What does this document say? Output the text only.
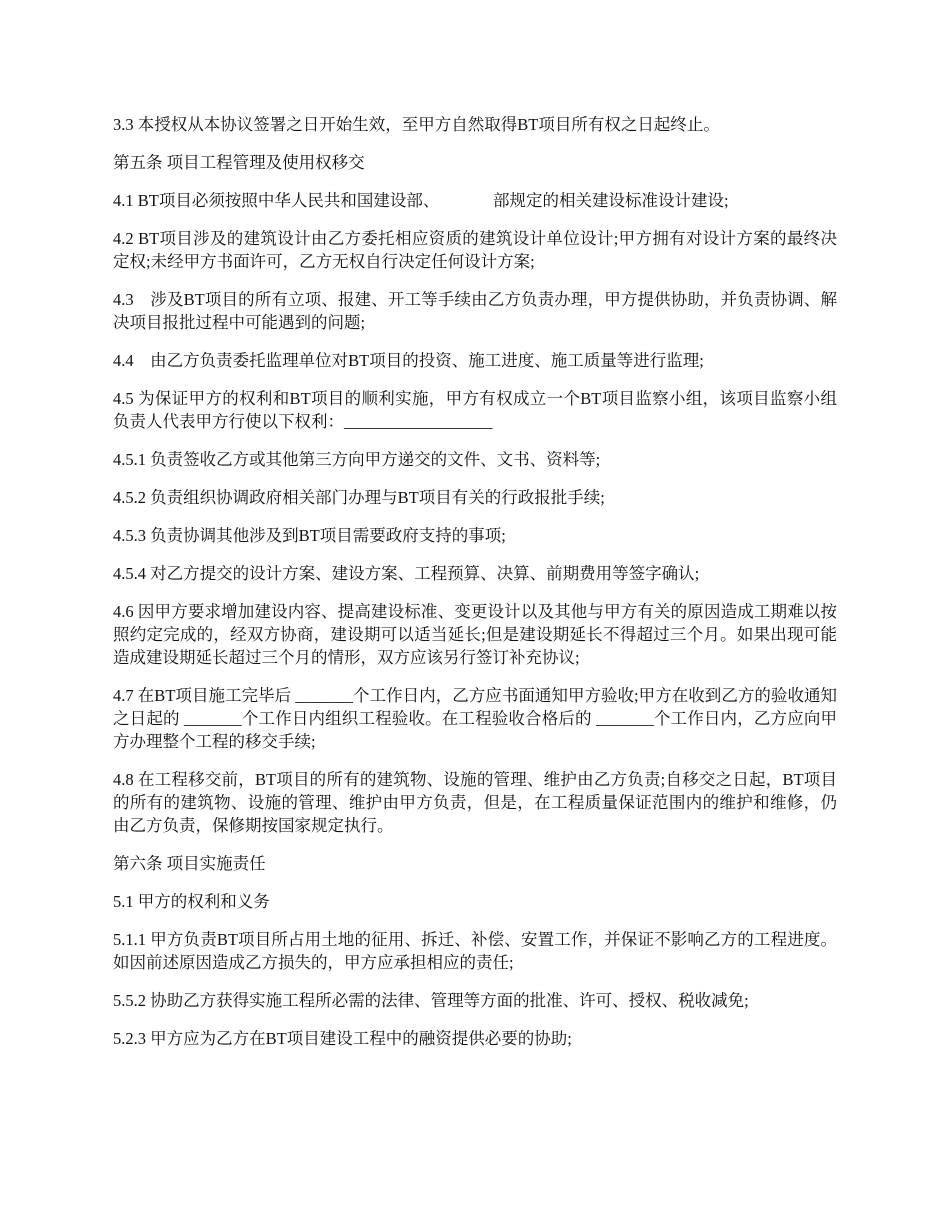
3.3 本授权从本协议签署之日开始生效，至甲方自然取得BT项目所有权之日起终止。

第五条 项目工程管理及使用权移交

4.1 BT项目必须按照中华人民共和国建设部、 　　　部规定的相关建设标准设计建设;

4.2 BT项目涉及的建筑设计由乙方委托相应资质的建筑设计单位设计;甲方拥有对设计方案的最终决定权;未经甲方书面许可，乙方无权自行决定任何设计方案;

4.3　涉及BT项目的所有立项、报建、开工等手续由乙方负责办理，甲方提供协助，并负责协调、解决项目报批过程中可能遇到的问题;

4.4　由乙方负责委托监理单位对BT项目的投资、施工进度、施工质量等进行监理;

4.5 为保证甲方的权利和BT项目的顺利实施，甲方有权成立一个BT项目监察小组，该项目监察小组负责人代表甲方行使以下权利：__________________

4.5.1 负责签收乙方或其他第三方向甲方递交的文件、文书、资料等;

4.5.2 负责组织协调政府相关部门办理与BT项目有关的行政报批手续;

4.5.3 负责协调其他涉及到BT项目需要政府支持的事项;

4.5.4 对乙方提交的设计方案、建设方案、工程预算、决算、前期费用等签字确认;

4.6 因甲方要求增加建设内容、提高建设标准、变更设计以及其他与甲方有关的原因造成工期难以按照约定完成的，经双方协商，建设期可以适当延长;但是建设期延长不得超过三个月。如果出现可能造成建设期延长超过三个月的情形，双方应该另行签订补充协议;

4.7 在BT项目施工完毕后 _______个工作日内，乙方应书面通知甲方验收;甲方在收到乙方的验收通知之日起的 _______个工作日内组织工程验收。在工程验收合格后的 _______个工作日内，乙方应向甲方办理整个工程的移交手续;

4.8 在工程移交前，BT项目的所有的建筑物、设施的管理、维护由乙方负责;自移交之日起，BT项目的所有的建筑物、设施的管理、维护由甲方负责，但是，在工程质量保证范围内的维护和维修，仍由乙方负责，保修期按国家规定执行。

第六条 项目实施责任

5.1 甲方的权利和义务

5.1.1 甲方负责BT项目所占用土地的征用、拆迁、补偿、安置工作，并保证不影响乙方的工程进度。如因前述原因造成乙方损失的，甲方应承担相应的责任;

5.5.2 协助乙方获得实施工程所必需的法律、管理等方面的批准、许可、授权、税收减免;

5.2.3 甲方应为乙方在BT项目建设工程中的融资提供必要的协助;
